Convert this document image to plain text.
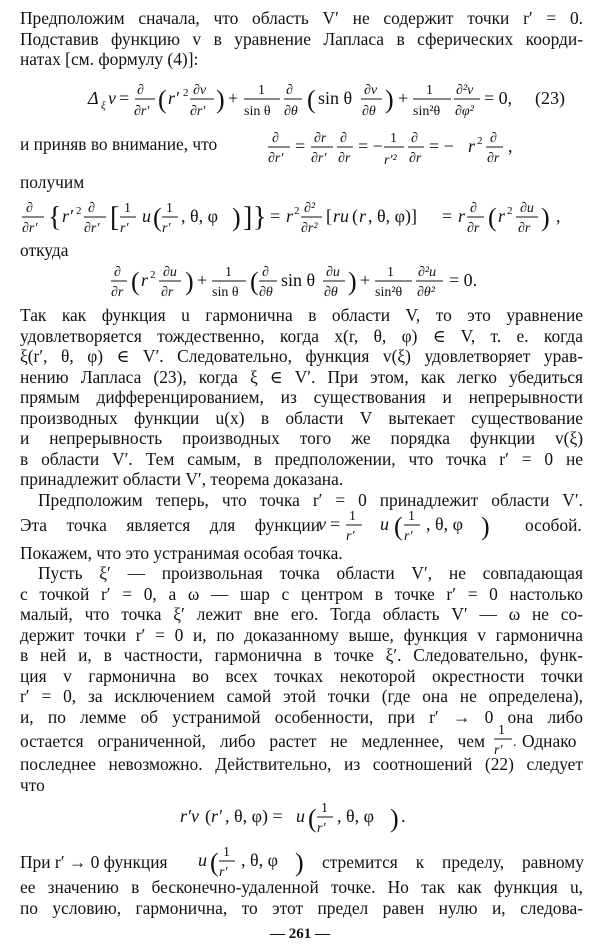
Предположим сначала, что область V′ не содержит точки r′ = 0.
Подставив функцию v в уравнение Лапласа в сферических коорди-
натах [см. формулу (4)]:
Δ ξ v = ∂
∂r′ ( r′ 2 ∂v
∂r′ ) + 1
sin θ
∂
∂θ ( sin θ ∂v
∂θ ) + 1
sin²θ
∂²v
∂φ²
= 0, (23)
и приняв во внимание, что	∂
∂r′
= ∂r
∂r′
∂
∂r
= − 1
r′²
∂
∂r
= − r 2 ∂
∂r
,
получим
∂
∂r′ { r′ 2 ∂
∂r′ [ 1
r′
u ( 1
r′
, θ, φ ) ] } = r 2 ∂²
∂r²
[ ru ( r , θ, φ)] = r ∂
∂r ( r 2 ∂u
∂r ) ,
откуда
∂
∂r ( r 2 ∂u
∂r ) + 1
sin θ ( ∂
∂θ
sin θ ∂u
∂θ ) + 1
sin²θ
∂²u
∂θ²
= 0.
Так как функция u гармонична в области V, то это уравнение
удовлетворяется тождественно, когда x(r, θ, φ) ∈ V, т. е. когда
ξ(r′, θ, φ) ∈ V′. Следовательно, функция v(ξ) удовлетворяет урав-
нению Лапласа (23), когда ξ ∈ V′. При этом, как легко убедиться
прямым дифференцированием, из существования и непрерывности
производных функции u(x) в области V вытекает существование
и непрерывность производных того же порядка функции v(ξ)
в области V′. Тем самым, в предположении, что точка r′ = 0 не
принадлежит области V′, теорема доказана.
Предположим теперь, что точка r′ = 0 принадлежит области V′.
Эта точка является для функции
v = 1
r′
u ( 1
r′
, θ, φ ) особой.
Покажем, что это устранимая особая точка.
Пусть ξ′ — произвольная точка области V′, не совпадающая
с точкой r′ = 0, а ω — шар с центром в точке r′ = 0 настолько
малый, что точка ξ′ лежит вне его. Тогда область V′ — ω не со-
держит точки r′ = 0 и, по доказанному выше, функция v гармонична
в ней и, в частности, гармонична в точке ξ′. Следовательно, функ-
ция v гармонична во всех точках некоторой окрестности точки
r′ = 0, за исключением самой этой точки (где она не определена),
и, по лемме об устранимой особенности, при r′ → 0 она либо
остается ограниченной, либо растет не медленнее, чем
1
r′
. Однако
последнее невозможно. Действительно, из соотношений (22) следует
что
r′v ( r′ , θ, φ) = u ( 1
r′
, θ, φ ) .
При r′ → 0 функция	u ( 1
r′
, θ, φ ) стремится к пределу, равному
ее значению в бесконечно-удаленной точке. Но так как функция u,
по условию, гармонична, то этот предел равен нулю и, следова-
— 261 —
